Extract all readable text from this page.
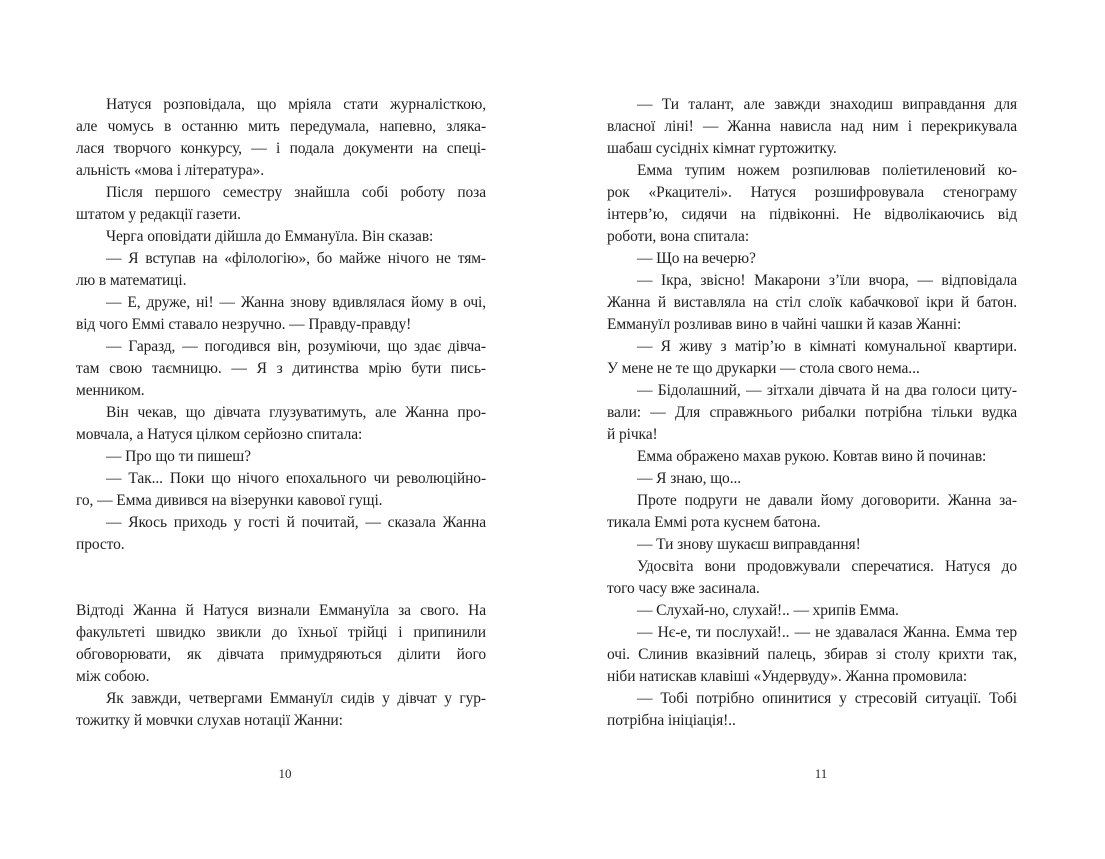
Натуся розповідала, що мріяла стати журналісткою,
але чомусь в останню мить передумала, напевно, зляка-
лася творчого конкурсу, — і подала документи на спеці-
альність «мова і література».
Після першого семестру знайшла собі роботу поза
штатом у редакції газети.
Черга оповідати дійшла до Еммануїла. Він сказав:
— Я вступав на «філологію», бо майже нічого не тям-
лю в математиці.
— Е, друже, ні! — Жанна знову вдивлялася йому в очі,
від чого Еммі ставало незручно. — Правду-правду!
— Гаразд, — погодився він, розуміючи, що здає дівча-
там свою таємницю. — Я з дитинства мрію бути пись-
менником.
Він чекав, що дівчата глузуватимуть, але Жанна про-
мовчала, а Натуся цілком серйозно спитала:
— Про що ти пишеш?
— Так... Поки що нічого епохального чи революційно-
го, — Емма дивився на візерунки кавової гущі.
— Якось приходь у гості й почитай, — сказала Жанна
просто.
Відтоді Жанна й Натуся визнали Еммануїла за свого. На
факультеті швидко звикли до їхньої трійці і припинили
обговорювати, як дівчата примудряються ділити його
між собою.
Як завжди, четвергами Еммануїл сидів у дівчат у гур-
тожитку й мовчки слухав нотації Жанни:
— Ти талант, але завжди знаходиш виправдання для
власної ліні! — Жанна нависла над ним і перекрикувала
шабаш сусідніх кімнат гуртожитку.
Емма тупим ножем розпилював поліетиленовий ко-
рок «Ркацителі». Натуся розшифровувала стенограму
інтерв’ю, сидячи на підвіконні. Не відволікаючись від
роботи, вона спитала:
— Що на вечерю?
— Ікра, звісно! Макарони з’їли вчора, — відповідала
Жанна й виставляла на стіл слоїк кабачкової ікри й батон.
Еммануїл розливав вино в чайні чашки й казав Жанні:
— Я живу з матір’ю в кімнаті комунальної квартири.
У мене не те що друкарки — стола свого нема...
— Бідолашний, — зітхали дівчата й на два голоси циту-
вали: — Для справжнього рибалки потрібна тільки вудка
й річка!
Емма ображено махав рукою. Ковтав вино й починав:
— Я знаю, що...
Проте подруги не давали йому договорити. Жанна за-
тикала Еммі рота куснем батона.
— Ти знову шукаєш виправдання!
Удосвіта вони продовжували сперечатися. Натуся до
того часу вже засинала.
— Слухай-но, слухай!.. — хрипів Емма.
— Нє-е, ти послухай!.. — не здавалася Жанна. Емма тер
очі. Слинив вказівний палець, збирав зі столу крихти так,
ніби натискав клавіші «Ундервуду». Жанна промовила:
— Тобі потрібно опинитися у стресовій ситуації. Тобі
потрібна ініціація!..
10	11
